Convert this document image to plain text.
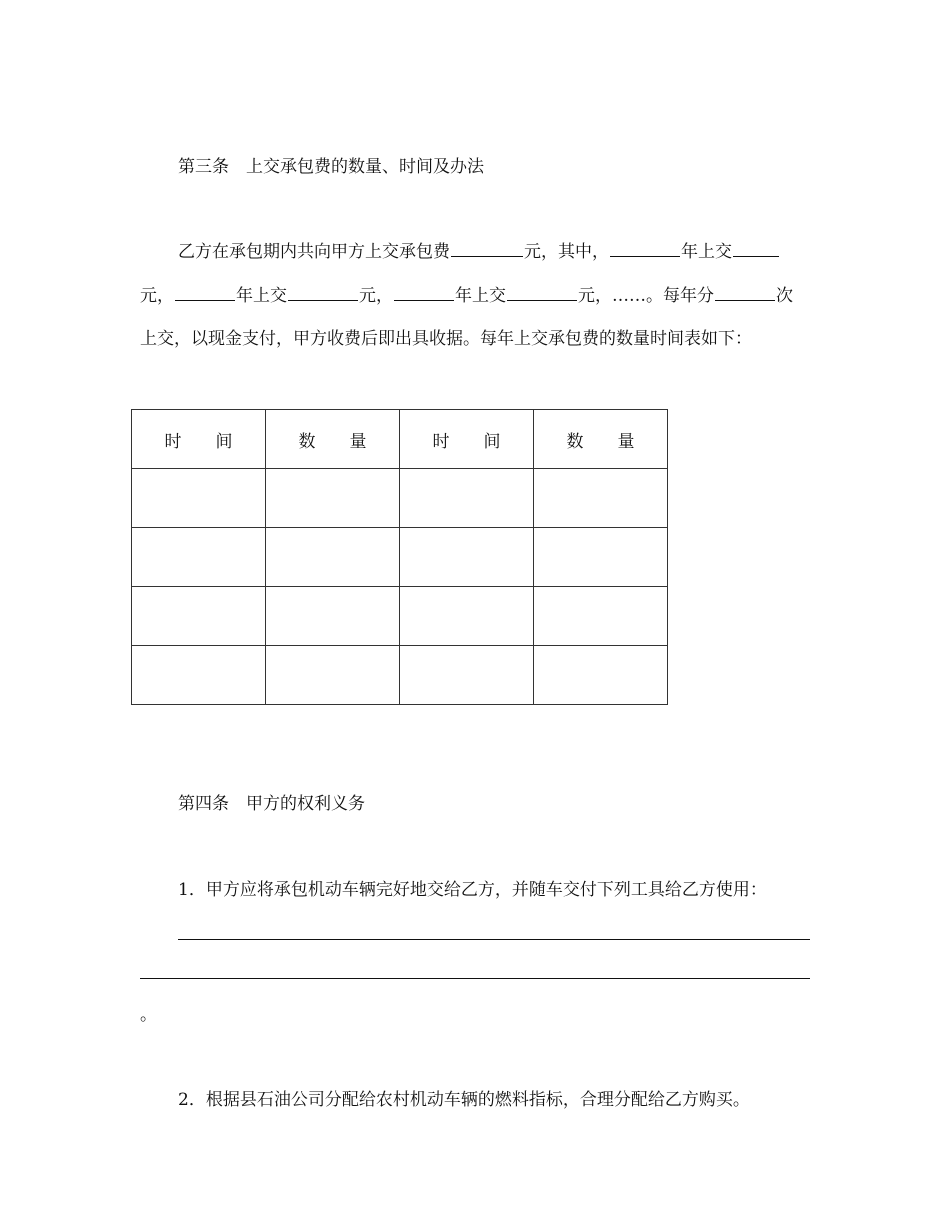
第三条　上交承包费的数量、时间及办法
乙方在承包期内共向甲方上交承包费	元，其中，	年上交
元，	年上交	元，	年上交	元，……。每年分	次
上交，以现金支付，甲方收费后即出具收据。每年上交承包费的数量时间表如下：
时　　间	数　　量	时　　间	数　　量

第四条　甲方的权利义务
1．甲方应将承包机动车辆完好地交给乙方，并随车交付下列工具给乙方使用：
。
2．根据县石油公司分配给农村机动车辆的燃料指标，合理分配给乙方购买。
